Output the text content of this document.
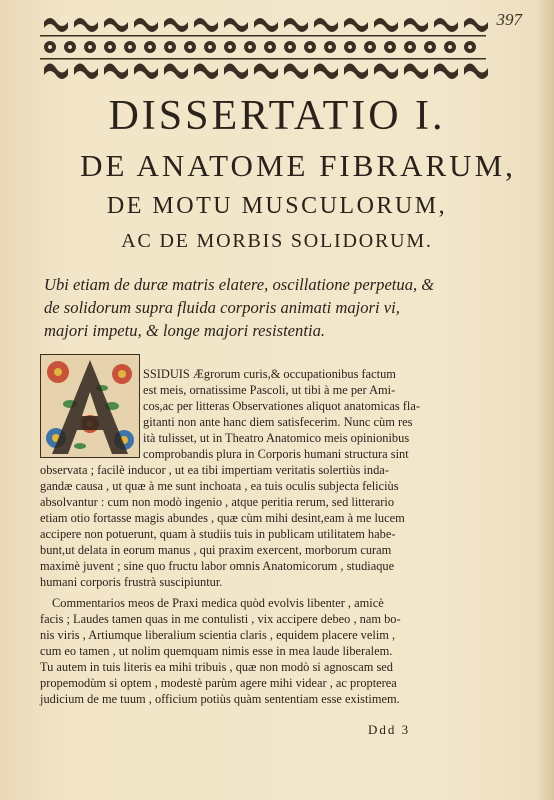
397
DISSERTATIO I.
DE ANATOME FIBRARUM,
DE MOTU MUSCULORUM,
AC DE MORBIS SOLIDORUM.
Ubi etiam de duræ matris elatere, oscillatione perpetua, &
de solidorum supra fluida corporis animati majori vi,
majori impetu, & longe majori resistentia.
SSIDUIS Ægrorum curis,& occupationibus factum
est meis, ornatissime Pascoli, ut tibi à me per Ami-
cos,ac per litteras Observationes aliquot anatomicas fla-
gitanti non ante hanc diem satisfecerim. Nunc cùm res
ità tulisset, ut in Theatro Anatomico meis opinionibus
comprobandis plura in Corporis humani structura sint
observata ; facilè inducor , ut ea tibi impertiam veritatis solertiùs inda-
gandæ causa , ut quæ à me sunt inchoata , ea tuis oculis subjecta feliciùs
absolvantur : cum non modò ingenio , atque peritia rerum, sed litterario
etiam otio fortasse magis abundes , quæ cùm mihi desint,eam à me lucem
accipere non potuerunt, quam à studiis tuis in publicam utilitatem habe-
bunt,ut delata in eorum manus , qui praxim exercent, morborum curam
maximè juvent ; sine quo fructu labor omnis Anatomicorum , studiaque
humani corporis frustrà suscipiuntur.
Commentarios meos de Praxi medica quòd evolvis libenter , amicè
facis ; Laudes tamen quas in me contulisti , vix accipere debeo , nam bo-
nis viris , Artiumque liberalium scientia claris , equidem placere velim ,
cum eo tamen , ut nolim quemquam nimis esse in mea laude liberalem.
Tu autem in tuis literis ea mihi tribuis , quæ non modò si agnoscam sed
propemodùm si optem , modestè parùm agere mihi videar , ac propterea
judicium de me tuum , officium potiùs quàm sententiam esse existimem.
Ddd 3
